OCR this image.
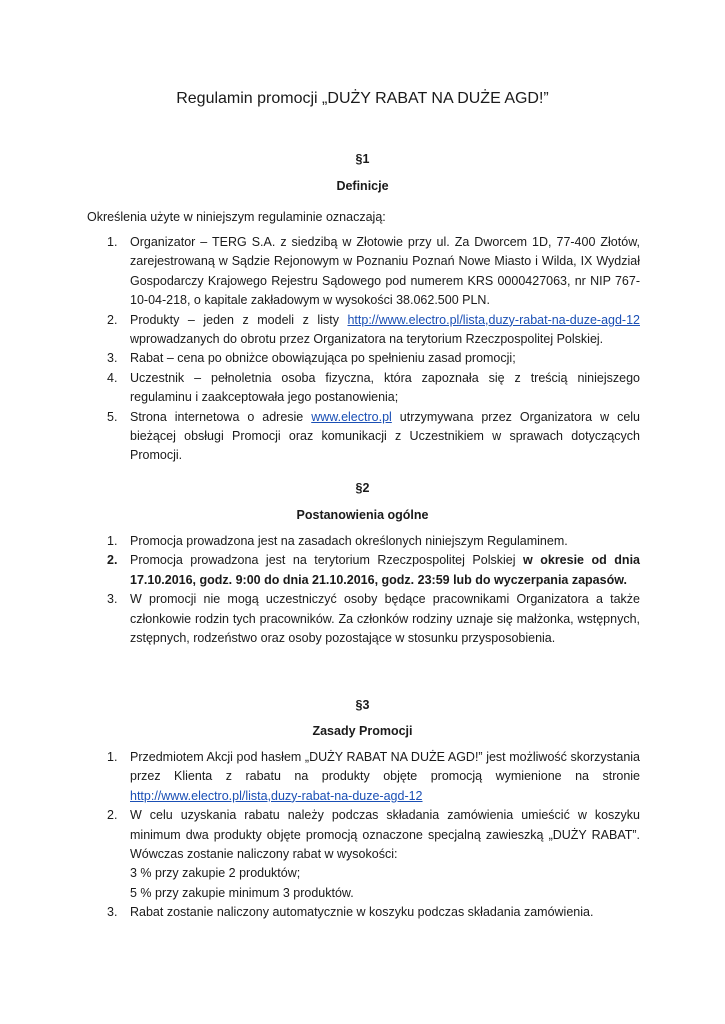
Regulamin promocji „DUŻY RABAT NA DUŻE AGD!”
§1
Definicje
Określenia użyte w niniejszym regulaminie oznaczają:
1. Organizator – TERG S.A. z siedzibą w Złotowie przy ul. Za Dworcem 1D, 77-400 Złotów, zarejestrowaną w Sądzie Rejonowym w Poznaniu Poznań Nowe Miasto i Wilda, IX Wydział Gospodarczy Krajowego Rejestru Sądowego pod numerem KRS 0000427063, nr NIP 767-10-04-218, o kapitale zakładowym w wysokości 38.062.500 PLN.
2. Produkty – jeden z modeli z listy http://www.electro.pl/lista,duzy-rabat-na-duze-agd-12 wprowadzanych do obrotu przez Organizatora na terytorium Rzeczpospolitej Polskiej.
3. Rabat – cena po obniżce obowiązująca po spełnieniu zasad promocji;
4. Uczestnik – pełnoletnia osoba fizyczna, która zapoznała się z treścią niniejszego regulaminu i zaakceptowała jego postanowienia;
5. Strona internetowa o adresie www.electro.pl utrzymywana przez Organizatora w celu bieżącej obsługi Promocji oraz komunikacji z Uczestnikiem w sprawach dotyczących Promocji.
§2
Postanowienia ogólne
1. Promocja prowadzona jest na zasadach określonych niniejszym Regulaminem.
2. Promocja prowadzona jest na terytorium Rzeczpospolitej Polskiej w okresie od dnia 17.10.2016, godz. 9:00 do dnia 21.10.2016, godz. 23:59 lub do wyczerpania zapasów.
3. W promocji nie mogą uczestniczyć osoby będące pracownikami Organizatora a także członkowie rodzin tych pracowników. Za członków rodziny uznaje się małżonka, wstępnych, zstępnych, rodzeństwo oraz osoby pozostające w stosunku przysposobienia.
§3
Zasady Promocji
1. Przedmiotem Akcji pod hasłem „DUŻY RABAT NA DUŻE AGD!” jest możliwość skorzystania przez Klienta z rabatu na produkty objęte promocją wymienione na stronie http://www.electro.pl/lista,duzy-rabat-na-duze-agd-12
2. W celu uzyskania rabatu należy podczas składania zamówienia umieścić w koszyku minimum dwa produkty objęte promocją oznaczone specjalną zawieszką „DUŻY RABAT”. Wówczas zostanie naliczony rabat w wysokości:
3 % przy zakupie 2 produktów;
5 % przy zakupie minimum 3 produktów.
3. Rabat zostanie naliczony automatycznie w koszyku podczas składania zamówienia.
